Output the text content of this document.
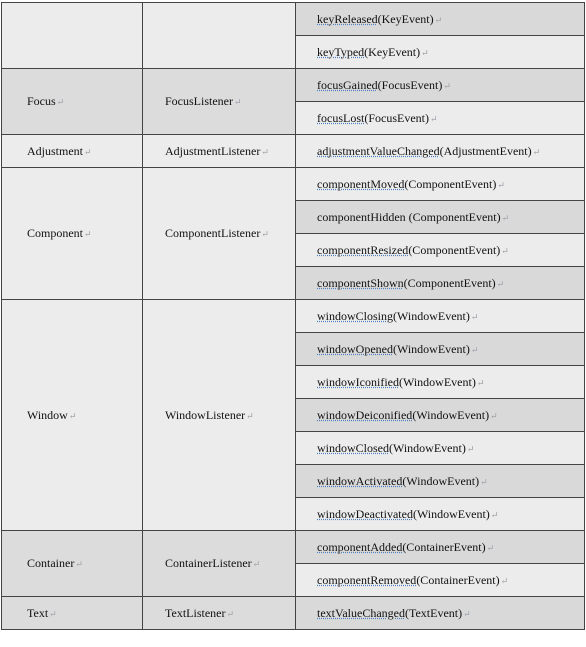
		keyReleased(KeyEvent)↵
		keyTyped(KeyEvent)↵
Focus↵	FocusListener↵	focusGained(FocusEvent)↵
		focusLost(FocusEvent)↵
Adjustment↵	AdjustmentListener↵	adjustmentValueChanged(AdjustmentEvent)↵
Component↵	ComponentListener↵	componentMoved(ComponentEvent)↵
		componentHidden (ComponentEvent)↵
		componentResized(ComponentEvent)↵
		componentShown(ComponentEvent)↵
Window↵	WindowListener↵	windowClosing(WindowEvent)↵
		windowOpened(WindowEvent)↵
		windowIconified(WindowEvent)↵
		windowDeiconified(WindowEvent)↵
		windowClosed(WindowEvent)↵
		windowActivated(WindowEvent)↵
		windowDeactivated(WindowEvent)↵
Container↵	ContainerListener↵	componentAdded(ContainerEvent)↵
		componentRemoved(ContainerEvent)↵
Text↵	TextListener↵	textValueChanged(TextEvent)↵
